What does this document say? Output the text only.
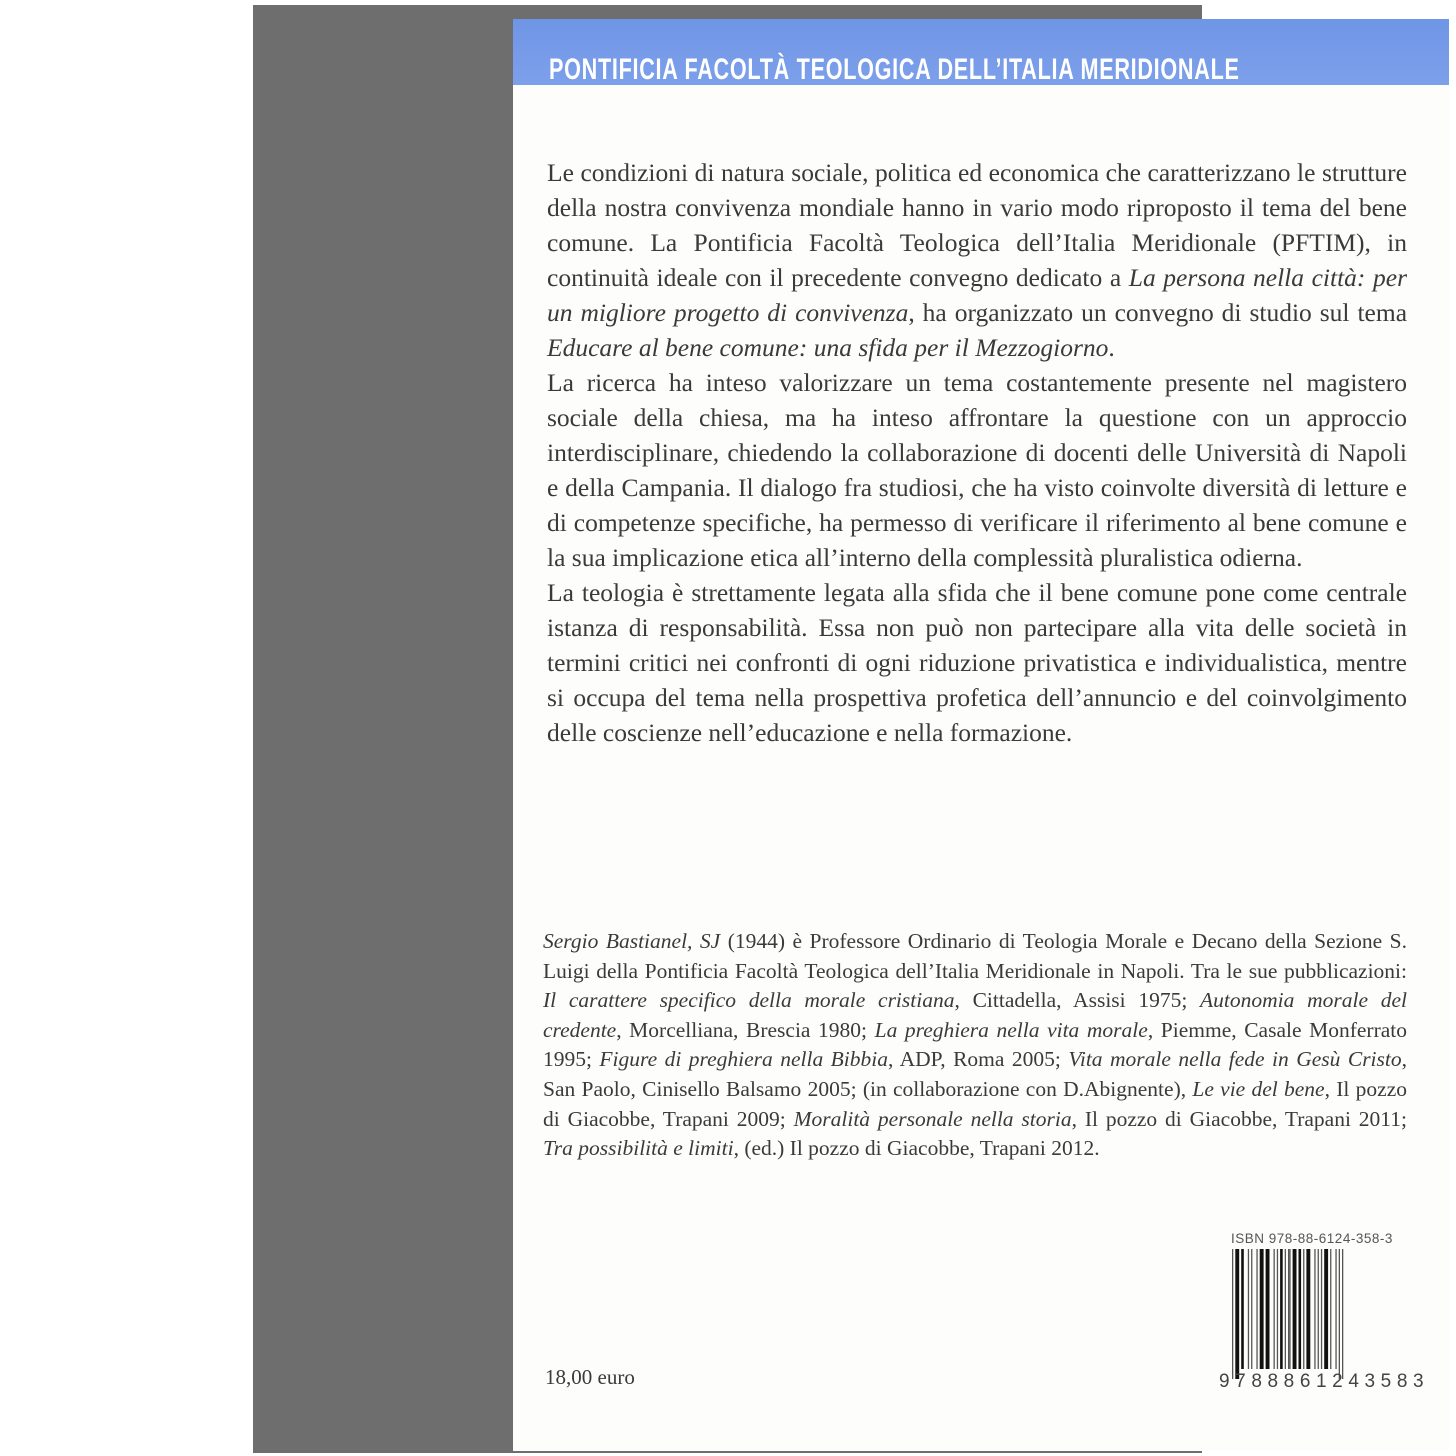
PONTIFICIA FACOLTÀ TEOLOGICA DELL’ITALIA MERIDIONALE

Le condizioni di natura sociale, politica ed economica che caratterizzano le strutture della nostra convivenza mondiale hanno in vario modo riproposto il tema del bene comune. La Pontificia Facoltà Teologica dell’Italia Meridionale (PFTIM), in continuità ideale con il precedente convegno dedicato a La persona nella città: per un migliore progetto di convivenza, ha organizzato un convegno di studio sul tema Educare al bene comune: una sfida per il Mezzogiorno.

La ricerca ha inteso valorizzare un tema costantemente presente nel magistero sociale della chiesa, ma ha inteso affrontare la questione con un approccio interdisciplinare, chiedendo la collaborazione di docenti delle Università di Napoli e della Campania. Il dialogo fra studiosi, che ha visto coinvolte diversità di letture e di competenze specifiche, ha permesso di verificare il riferimento al bene comune e la sua implicazione etica all’interno della complessità pluralistica odierna.

La teologia è strettamente legata alla sfida che il bene comune pone come centrale istanza di responsabilità. Essa non può non partecipare alla vita delle società in termini critici nei confronti di ogni riduzione privatistica e individualistica, mentre si occupa del tema nella prospettiva profetica dell’annuncio e del coinvolgimento delle coscienze nell’educazione e nella formazione.

Sergio Bastianel, SJ (1944) è Professore Ordinario di Teologia Morale e Decano della Sezione S. Luigi della Pontificia Facoltà Teologica dell’Italia Meridionale in Napoli. Tra le sue pubblicazioni: Il carattere specifico della morale cristiana, Cittadella, Assisi 1975; Autonomia morale del credente, Morcelliana, Brescia 1980; La preghiera nella vita morale, Piemme, Casale Monferrato 1995; Figure di preghiera nella Bibbia, ADP, Roma 2005; Vita morale nella fede in Gesù Cristo, San Paolo, Cinisello Balsamo 2005; (in collaborazione con D.Abignente), Le vie del bene, Il pozzo di Giacobbe, Trapani 2009; Moralità personale nella storia, Il pozzo di Giacobbe, Trapani 2011; Tra possibilità e limiti, (ed.) Il pozzo di Giacobbe, Trapani 2012.

ISBN 978-88-6124-358-3
9788861243583
18,00 euro
